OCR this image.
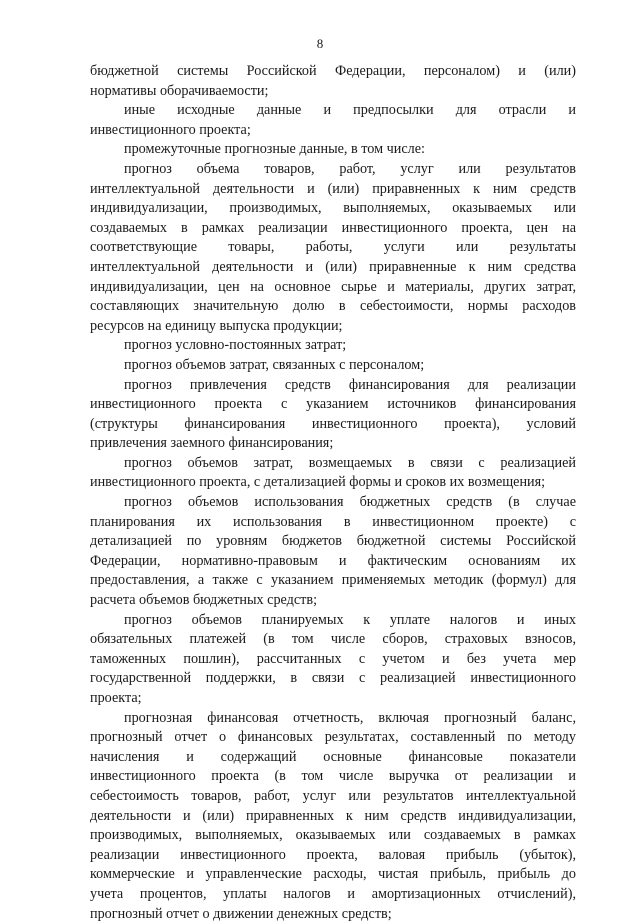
8
бюджетной системы Российской Федерации, персоналом) и (или)
нормативы оборачиваемости;
иные исходные данные и предпосылки для отрасли и
инвестиционного проекта;
промежуточные прогнозные данные, в том числе:
прогноз объема товаров, работ, услуг или результатов
интеллектуальной деятельности и (или) приравненных к ним средств
индивидуализации, производимых, выполняемых, оказываемых или
создаваемых в рамках реализации инвестиционного проекта, цен на
соответствующие товары, работы, услуги или результаты
интеллектуальной деятельности и (или) приравненные к ним средства
индивидуализации, цен на основное сырье и материалы, других затрат,
составляющих значительную долю в себестоимости, нормы расходов
ресурсов на единицу выпуска продукции;
прогноз условно-постоянных затрат;
прогноз объемов затрат, связанных с персоналом;
прогноз привлечения средств финансирования для реализации
инвестиционного проекта с указанием источников финансирования
(структуры финансирования инвестиционного проекта), условий
привлечения заемного финансирования;
прогноз объемов затрат, возмещаемых в связи с реализацией
инвестиционного проекта, с детализацией формы и сроков их возмещения;
прогноз объемов использования бюджетных средств (в случае
планирования их использования в инвестиционном проекте) с
детализацией по уровням бюджетов бюджетной системы Российской
Федерации, нормативно-правовым и фактическим основаниям их
предоставления, а также с указанием применяемых методик (формул) для
расчета объемов бюджетных средств;
прогноз объемов планируемых к уплате налогов и иных
обязательных платежей (в том числе сборов, страховых взносов,
таможенных пошлин), рассчитанных с учетом и без учета мер
государственной поддержки, в связи с реализацией инвестиционного
проекта;
прогнозная финансовая отчетность, включая прогнозный баланс,
прогнозный отчет о финансовых результатах, составленный по методу
начисления и содержащий основные финансовые показатели
инвестиционного проекта (в том числе выручка от реализации и
себестоимость товаров, работ, услуг или результатов интеллектуальной
деятельности и (или) приравненных к ним средств индивидуализации,
производимых, выполняемых, оказываемых или создаваемых в рамках
реализации инвестиционного проекта, валовая прибыль (убыток),
коммерческие и управленческие расходы, чистая прибыль, прибыль до
учета процентов, уплаты налогов и амортизационных отчислений),
прогнозный отчет о движении денежных средств;
